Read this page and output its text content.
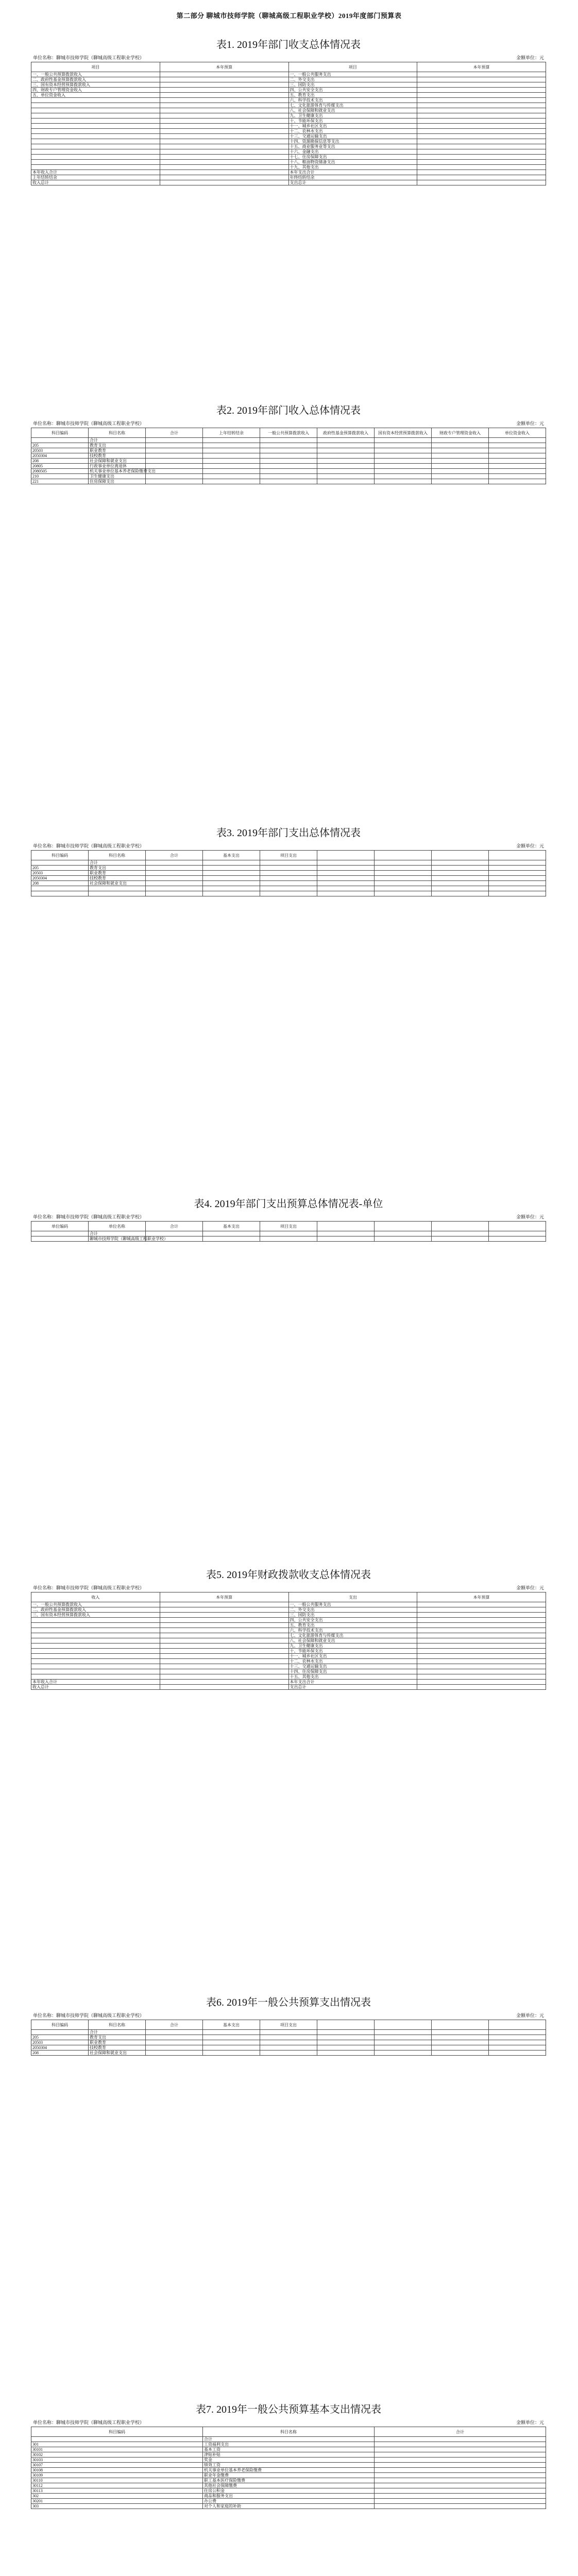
第二部分 聊城市技师学院（聊城高级工程职业学校）2019年度部门预算表
表1. 2019年部门收支总体情况表
单位名称：聊城市技师学院（聊城高级工程职业学校）	金额单位：元
项目	本年预算	项目	本年预算
一、一般公共预算拨款收入		一、一般公共服务支出	
二、政府性基金预算拨款收入		二、外交支出	
三、国有资本经营预算拨款收入		三、国防支出	
四、财政专户管理资金收入		四、公共安全支出	
五、单位资金收入		五、教育支出	
		六、科学技术支出	
		七、文化旅游体育与传媒支出	
		八、社会保障和就业支出	
		九、卫生健康支出	
		十、节能环保支出	
		十一、城乡社区支出	
		十二、农林水支出	
		十三、交通运输支出	
		十四、资源勘探信息等支出	
		十五、商业服务业等支出	
		十六、金融支出	
		十七、住房保障支出	
		十八、粮油物资储备支出	
		十九、其他支出	
本年收入合计		本年支出合计	
上年结转结余		年终结转结余	
收入总计		支出总计	
表2. 2019年部门收入总体情况表
单位名称：聊城市技师学院（聊城高级工程职业学校）	金额单位：元
科目编码	科目名称	合计	上年结转结余	一般公共预算拨款收入	政府性基金预算拨款收入	国有资本经营预算拨款收入	财政专户管理资金收入	单位资金收入
	合计							
205	教育支出							
20503	职业教育							
2050304	技校教育							
208	社会保障和就业支出							
20805	行政事业单位离退休							
2080505	机关事业单位基本养老保险缴费支出							
210	卫生健康支出							
221	住房保障支出							
表3. 2019年部门支出总体情况表
单位名称：聊城市技师学院（聊城高级工程职业学校）	金额单位：元
科目编码	科目名称	合计	基本支出	项目支出				
	合计							
205	教育支出							
20503	职业教育							
2050304	技校教育							
208	社会保障和就业支出							

表4. 2019年部门支出预算总体情况表-单位
单位名称：聊城市技师学院（聊城高级工程职业学校）	金额单位：元
单位编码	单位名称	合计	基本支出	项目支出				
	合计							
	聊城市技师学院（聊城高级工程职业学校）							
表5. 2019年财政拨款收支总体情况表
单位名称：聊城市技师学院（聊城高级工程职业学校）	金额单位：元
收入	本年预算	支出	本年预算
一、一般公共预算拨款收入		一、一般公共服务支出	
二、政府性基金预算拨款收入		二、外交支出	
三、国有资本经营预算拨款收入		三、国防支出	
		四、公共安全支出	
		五、教育支出	
		六、科学技术支出	
		七、文化旅游体育与传媒支出	
		八、社会保障和就业支出	
		九、卫生健康支出	
		十、节能环保支出	
		十一、城乡社区支出	
		十二、农林水支出	
		十三、交通运输支出	
		十四、住房保障支出	
		十五、其他支出	
本年收入合计		本年支出合计	
收入总计		支出总计	
表6. 2019年一般公共预算支出情况表
单位名称：聊城市技师学院（聊城高级工程职业学校）	金额单位：元
科目编码	科目名称	合计	基本支出	项目支出				
	合计							
205	教育支出							
20503	职业教育							
2050304	技校教育							
208	社会保障和就业支出							
表7. 2019年一般公共预算基本支出情况表
单位名称：聊城市技师学院（聊城高级工程职业学校）	金额单位：元
科目编码	科目名称	合计
	合计	
301	工资福利支出	
30101	基本工资	
30102	津贴补贴	
30103	奖金	
30107	绩效工资	
30108	机关事业单位基本养老保险缴费	
30109	职业年金缴费	
30110	职工基本医疗保险缴费	
30112	其他社会保障缴费	
30113	住房公积金	
302	商品和服务支出	
30201	办公费	
303	对个人和家庭的补助	
